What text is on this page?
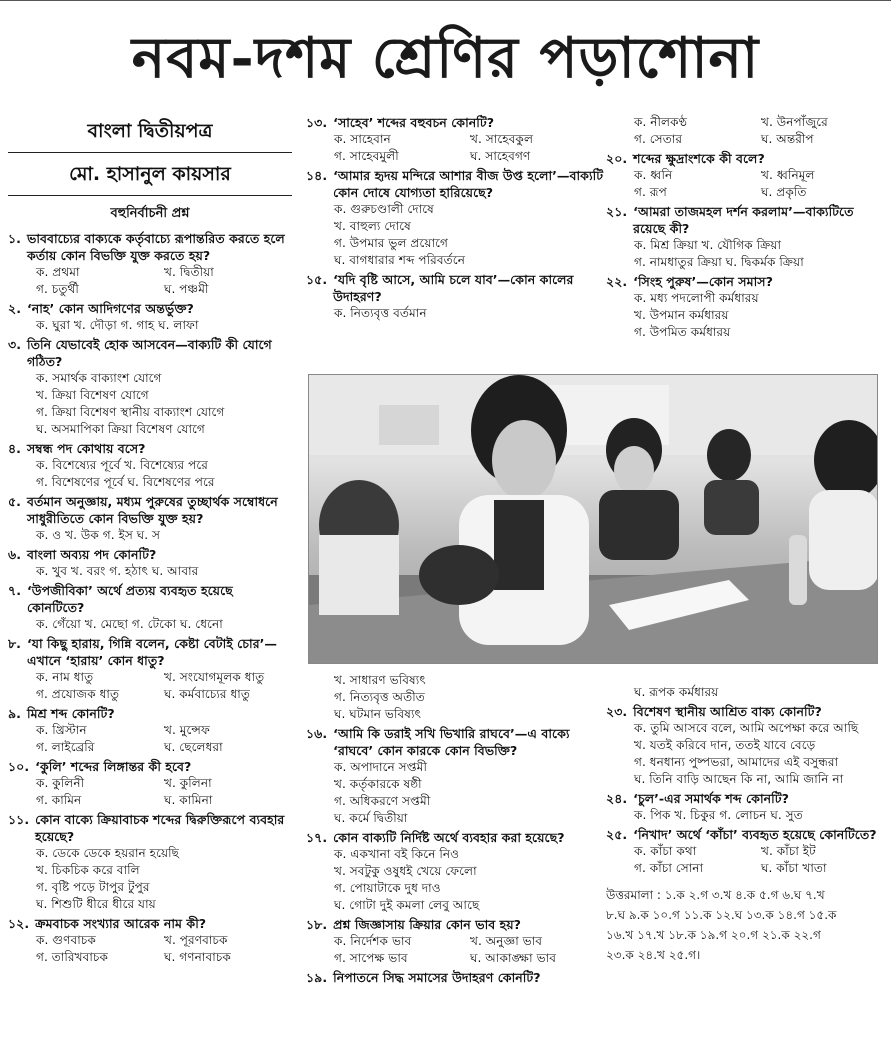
নবম-দশম শ্রেণির পড়াশোনা
বাংলা দ্বিতীয়পত্র
মো. হাসানুল কায়সার
বহুনির্বাচনী প্রশ্ন
১. ভাববাচ্যের বাক্যকে কর্তৃবাচ্যে রূপান্তরিত করতে হলে কর্তায় কোন বিভক্তি যুক্ত করতে হয়?
ক. প্রথমা	খ. দ্বিতীয়া
গ. চতুর্থী	ঘ. পঞ্চমী
২. ‘নাহ’ কোন আদিগণের অন্তর্ভুক্ত?
ক. ঘুরা খ. দৌড়া গ. গাহ ঘ. লাফা
৩. তিনি যেভাবেই হোক আসবেন—বাক্যটি কী যোগে গঠিত?
ক. সমার্থক বাক্যাংশ যোগে
খ. ক্রিয়া বিশেষণ যোগে
গ. ক্রিয়া বিশেষণ স্থানীয় বাক্যাংশ যোগে
ঘ. অসমাপিকা ক্রিয়া বিশেষণ যোগে
৪. সম্বন্ধ পদ কোথায় বসে?
ক. বিশেষ্যের পূর্বে খ. বিশেষ্যের পরে
গ. বিশেষণের পূর্বে ঘ. বিশেষণের পরে
৫. বর্তমান অনুজ্ঞায়, মধ্যম পুরুষের তুচ্ছার্থক সম্বোধনে সাধুরীতিতে কোন বিভক্তি যুক্ত হয়?
ক. ও খ. উক গ. ইস ঘ. স
৬. বাংলা অব্যয় পদ কোনটি?
ক. খুব খ. বরং গ. হঠাৎ ঘ. আবার
৭. ‘উপজীবিকা’ অর্থে প্রত্যয় ব্যবহৃত হয়েছে কোনটিতে?
ক. গেঁয়ো খ. মেছো গ. টেকো ঘ. ধেনো
৮. ‘যা কিছু হারায়, গিন্নি বলেন, কেষ্টা বেটাই চোর’—এখানে ‘হারায়’ কোন ধাতু?
ক. নাম ধাতু	খ. সংযোগমূলক ধাতু
গ. প্রযোজক ধাতু	ঘ. কর্মবাচ্যের ধাতু
৯. মিশ্র শব্দ কোনটি?
ক. খ্রিস্টান	খ. মুন্সেফ
গ. লাইব্রেরি	ঘ. ছেলেধরা
১০. ‘কুলি’ শব্দের লিঙ্গান্তর কী হবে?
ক. কুলিনী	খ. কুলিনা
গ. কামিন	ঘ. কামিনা
১১. কোন বাক্যে ক্রিয়াবাচক শব্দের দ্বিরুক্তিরূপে ব্যবহার হয়েছে?
ক. ডেকে ডেকে হয়রান হয়েছি
খ. চিকচিক করে বালি
গ. বৃষ্টি পড়ে টাপুর টুপুর
ঘ. শিশুটি ধীরে ধীরে যায়
১২. ক্রমবাচক সংখ্যার আরেক নাম কী?
ক. গুণবাচক	খ. পূরণবাচক
গ. তারিখবাচক	ঘ. গণনাবাচক
১৩. ‘সাহেব’ শব্দের বহুবচন কোনটি?
ক. সাহেবান	খ. সাহেবকুল
গ. সাহেবমুলী	ঘ. সাহেবগণ
১৪. ‘আমার হৃদয় মন্দিরে আশার বীজ উপ্ত হলো’—বাক্যটি কোন দোষে যোগ্যতা হারিয়েছে?
ক. গুরুচণ্ডালী দোষে
খ. বাহুল্য দোষে
গ. উপমার ভুল প্রয়োগে
ঘ. বাগধারার শব্দ পরিবর্তনে
১৫. ‘যদি বৃষ্টি আসে, আমি চলে যাব’—কোন কালের উদাহরণ?
ক. নিত্যবৃত্ত বর্তমান
ক. নীলকণ্ঠ	খ. উনপাঁজুরে
গ. সেতার	ঘ. অন্তরীপ
২০. শব্দের ক্ষুদ্রাংশকে কী বলে?
ক. ধ্বনি	খ. ধ্বনিমূল
গ. রূপ	ঘ. প্রকৃতি
২১. ‘আমরা তাজমহল দর্শন করলাম’—বাক্যটিতে রয়েছে কী?
ক. মিশ্র ক্রিয়া খ. যৌগিক ক্রিয়া
গ. নামধাতুর ক্রিয়া ঘ. দ্বিকর্মক ক্রিয়া
২২. ‘সিংহ পুরুষ’—কোন সমাস?
ক. মধ্য পদলোপী কর্মধারয়
খ. উপমান কর্মধারয়
গ. উপমিত কর্মধারয়
খ. সাধারণ ভবিষ্যৎ
গ. নিত্যবৃত্ত অতীত
ঘ. ঘটমান ভবিষ্যৎ
১৬. ‘আমি কি ডরাই সখি ভিখারি রাঘবে’—এ বাক্যে ‘রাঘবে’ কোন কারকে কোন বিভক্তি?
ক. অপাদানে সপ্তমী
খ. কর্তৃকারকে ষষ্ঠী
গ. অধিকরণে সপ্তমী
ঘ. কর্মে দ্বিতীয়া
১৭. কোন বাক্যটি নির্দিষ্ট অর্থে ব্যবহার করা হয়েছে?
ক. একখানা বই কিনে নিও
খ. সবটুকু ওষুধই খেয়ে ফেলো
গ. পোয়াটাকে দুধ দাও
ঘ. গোটা দুই কমলা লেবু আছে
১৮. প্রশ্ন জিজ্ঞাসায় ক্রিয়ার কোন ভাব হয়?
ক. নির্দেশক ভাব	খ. অনুজ্ঞা ভাব
গ. সাপেক্ষ ভাব	ঘ. আকাঙ্ক্ষা ভাব
১৯. নিপাতনে সিদ্ধ সমাসের উদাহরণ কোনটি?
ঘ. রূপক কর্মধারয়
২৩. বিশেষণ স্থানীয় আশ্রিত বাক্য কোনটি?
ক. তুমি আসবে বলে, আমি অপেক্ষা করে আছি
খ. যতই করিবে দান, ততই যাবে বেড়ে
গ. ধনধান্য পুষ্পভরা, আমাদের এই বসুন্ধরা
ঘ. তিনি বাড়ি আছেন কি না, আমি জানি না
২৪. ‘চুল’-এর সমার্থক শব্দ কোনটি?
ক. পিক খ. চিকুর গ. লোচন ঘ. সুত
২৫. ‘নিখাদ’ অর্থে ‘কাঁচা’ ব্যবহৃত হয়েছে কোনটিতে?
ক. কাঁচা কথা	খ. কাঁচা ইট
গ. কাঁচা সোনা	ঘ. কাঁচা খাতা
উত্তরমালা : ১.ক ২.গ ৩.খ ৪.ক ৫.গ ৬.ঘ ৭.খ
৮.ঘ ৯.ক ১০.গ ১১.ক ১২.ঘ ১৩.ক ১৪.গ ১৫.ক
১৬.খ ১৭.খ ১৮.ক ১৯.গ ২০.গ ২১.ক ২২.গ
২৩.ক ২৪.খ ২৫.গ।
